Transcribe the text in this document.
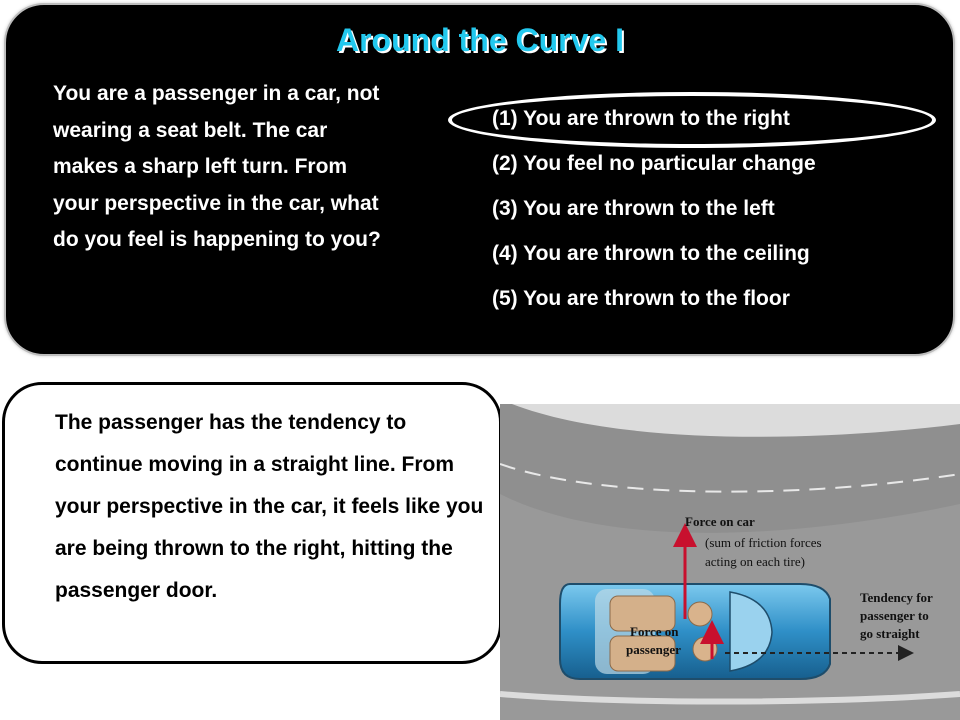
Around the Curve I
You are a passenger in a car, not wearing a seat belt. The car makes a sharp left turn. From your perspective in the car, what do you feel is happening to you?
(1) You are thrown to the right
(2) You feel no particular change
(3) You are thrown to the left
(4) You are thrown to the ceiling
(5) You are thrown to the floor
The passenger has the tendency to continue moving in a straight line. From your perspective in the car, it feels like you are being thrown to the right, hitting the passenger door.
Force on car
(sum of friction forces
acting on each tire)
Force on
passenger
Tendency for
passenger to
go straight
